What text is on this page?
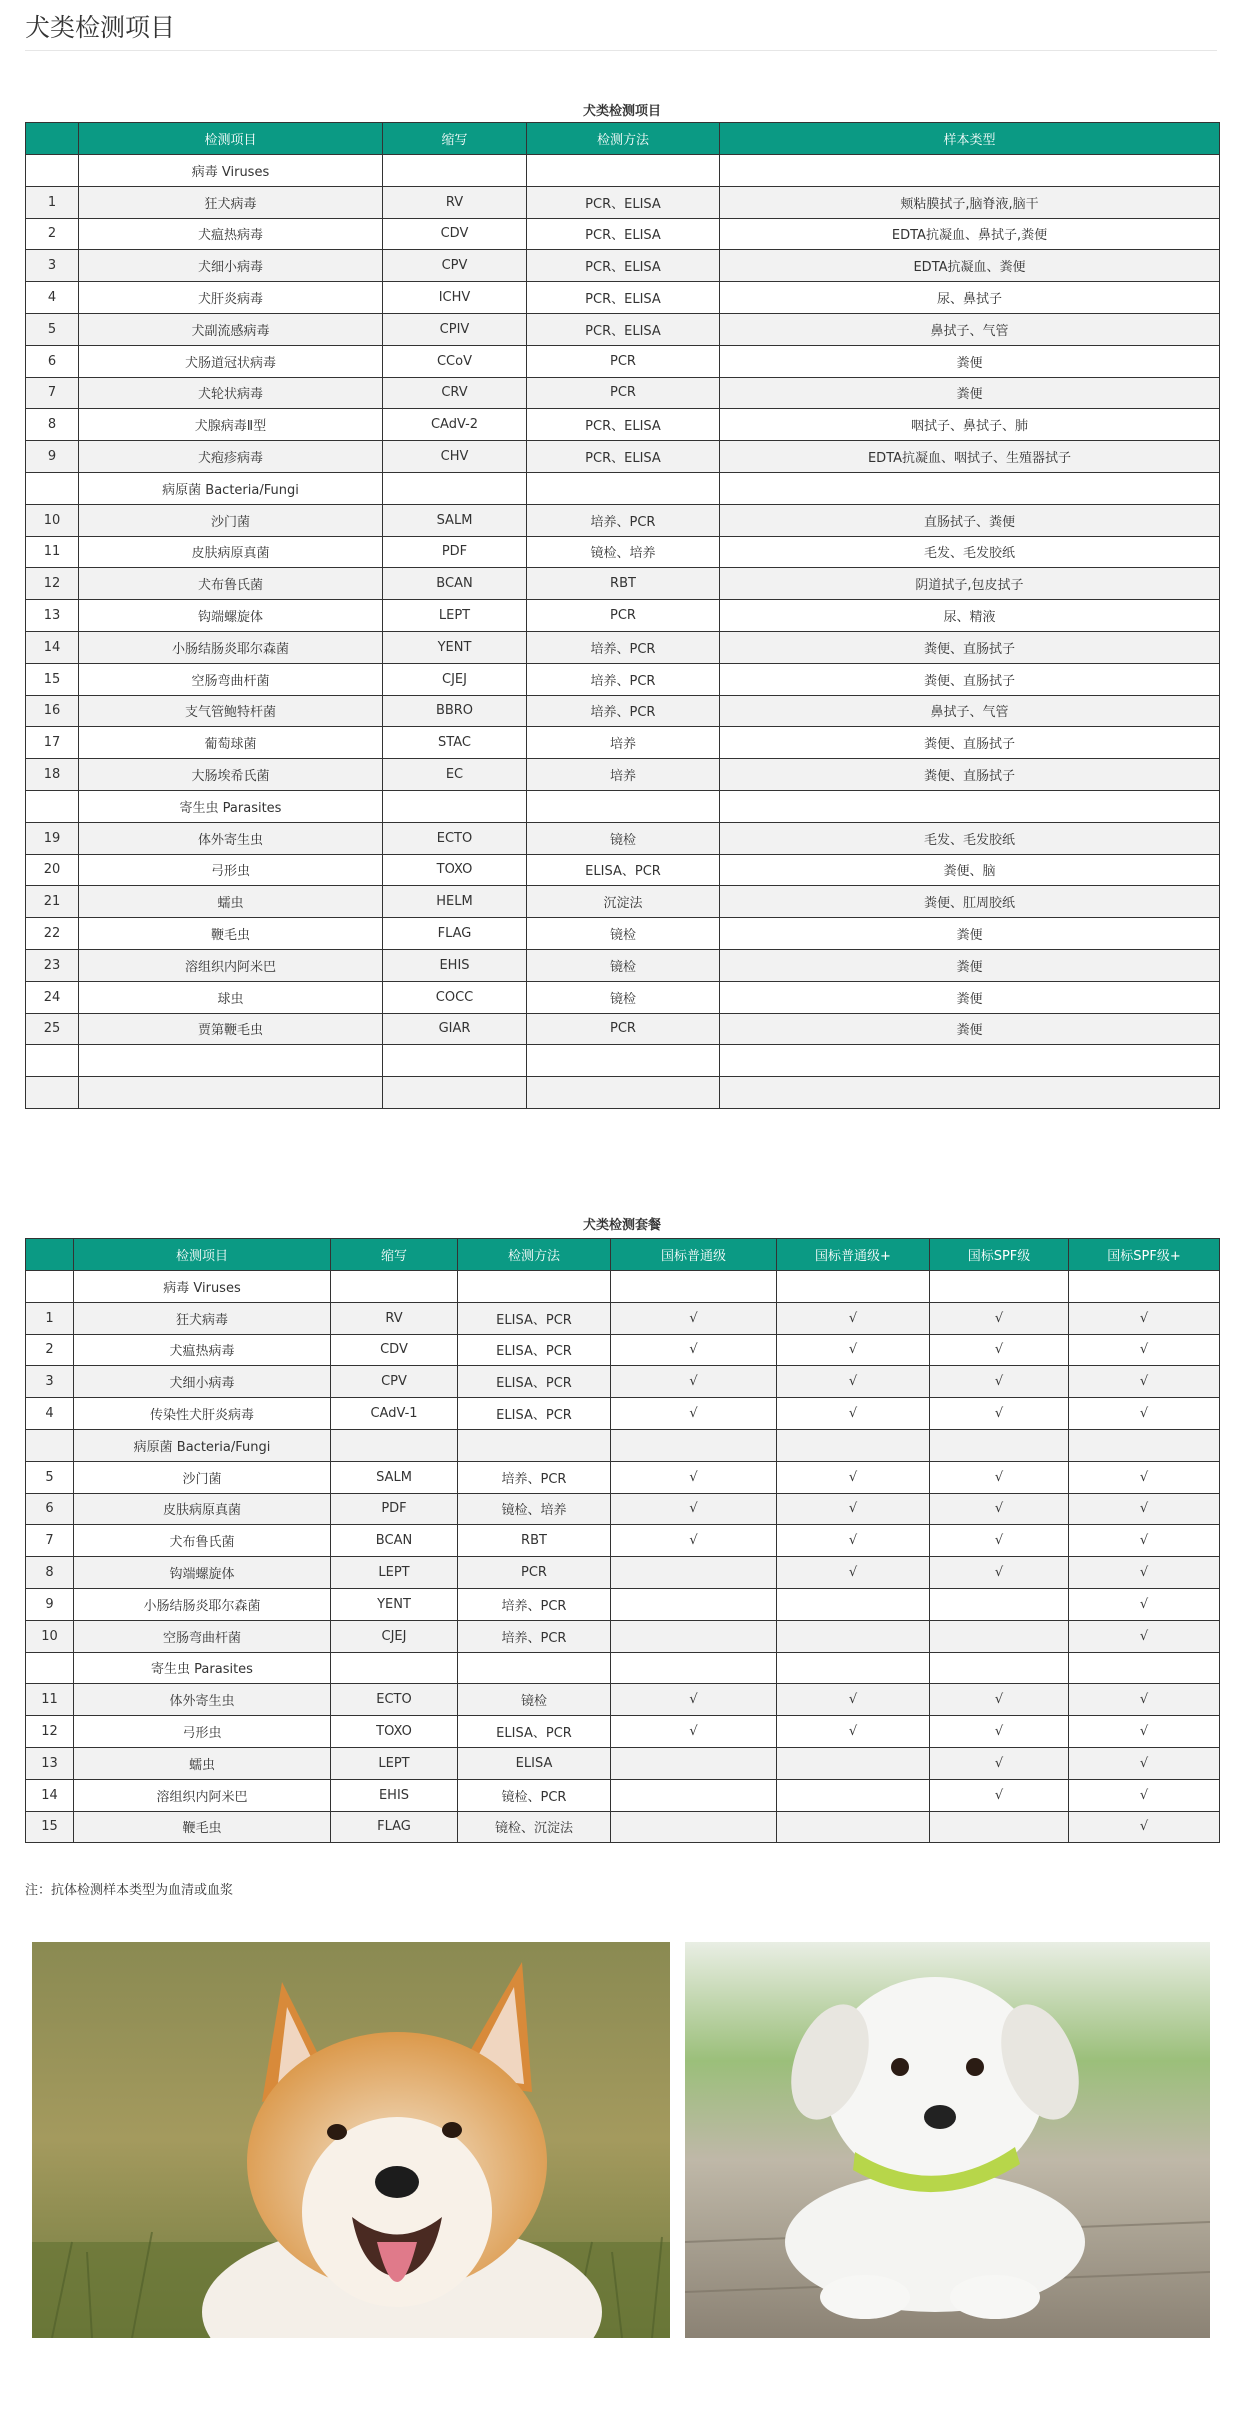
犬类检测项目
犬类检测项目
	检测项目	缩写	检测方法	样本类型
	病毒 Viruses			
1	狂犬病毒	RV	PCR、ELISA	颊粘膜拭子,脑脊液,脑干
2	犬瘟热病毒	CDV	PCR、ELISA	EDTA抗凝血、鼻拭子,粪便
3	犬细小病毒	CPV	PCR、ELISA	EDTA抗凝血、粪便
4	犬肝炎病毒	ICHV	PCR、ELISA	尿、鼻拭子
5	犬副流感病毒	CPIV	PCR、ELISA	鼻拭子、气管
6	犬肠道冠状病毒	CCoV	PCR	粪便
7	犬轮状病毒	CRV	PCR	粪便
8	犬腺病毒Ⅱ型	CAdV-2	PCR、ELISA	咽拭子、鼻拭子、肺
9	犬疱疹病毒	CHV	PCR、ELISA	EDTA抗凝血、咽拭子、生殖器拭子
	病原菌 Bacteria/Fungi			
10	沙门菌	SALM	培养、PCR	直肠拭子、粪便
11	皮肤病原真菌	PDF	镜检、培养	毛发、毛发胶纸
12	犬布鲁氏菌	BCAN	RBT	阴道拭子,包皮拭子
13	钩端螺旋体	LEPT	PCR	尿、精液
14	小肠结肠炎耶尔森菌	YENT	培养、PCR	粪便、直肠拭子
15	空肠弯曲杆菌	CJEJ	培养、PCR	粪便、直肠拭子
16	支气管鲍特杆菌	BBRO	培养、PCR	鼻拭子、气管
17	葡萄球菌	STAC	培养	粪便、直肠拭子
18	大肠埃希氏菌	EC	培养	粪便、直肠拭子
	寄生虫 Parasites			
19	体外寄生虫	ECTO	镜检	毛发、毛发胶纸
20	弓形虫	TOXO	ELISA、PCR	粪便、脑
21	蠕虫	HELM	沉淀法	粪便、肛周胶纸
22	鞭毛虫	FLAG	镜检	粪便
23	溶组织内阿米巴	EHIS	镜检	粪便
24	球虫	COCC	镜检	粪便
25	贾第鞭毛虫	GIAR	PCR	粪便

犬类检测套餐
	检测项目	缩写	检测方法	国标普通级	国标普通级+	国标SPF级	国标SPF级+
	病毒 Viruses						
1	狂犬病毒	RV	ELISA、PCR	√	√	√	√
2	犬瘟热病毒	CDV	ELISA、PCR	√	√	√	√
3	犬细小病毒	CPV	ELISA、PCR	√	√	√	√
4	传染性犬肝炎病毒	CAdV-1	ELISA、PCR	√	√	√	√
	病原菌 Bacteria/Fungi						
5	沙门菌	SALM	培养、PCR	√	√	√	√
6	皮肤病原真菌	PDF	镜检、培养	√	√	√	√
7	犬布鲁氏菌	BCAN	RBT	√	√	√	√
8	钩端螺旋体	LEPT	PCR		√	√	√
9	小肠结肠炎耶尔森菌	YENT	培养、PCR				√
10	空肠弯曲杆菌	CJEJ	培养、PCR				√
	寄生虫 Parasites						
11	体外寄生虫	ECTO	镜检	√	√	√	√
12	弓形虫	TOXO	ELISA、PCR	√	√	√	√
13	蠕虫	LEPT	ELISA			√	√
14	溶组织内阿米巴	EHIS	镜检、PCR			√	√
15	鞭毛虫	FLAG	镜检、沉淀法				√
注：抗体检测样本类型为血清或血浆
